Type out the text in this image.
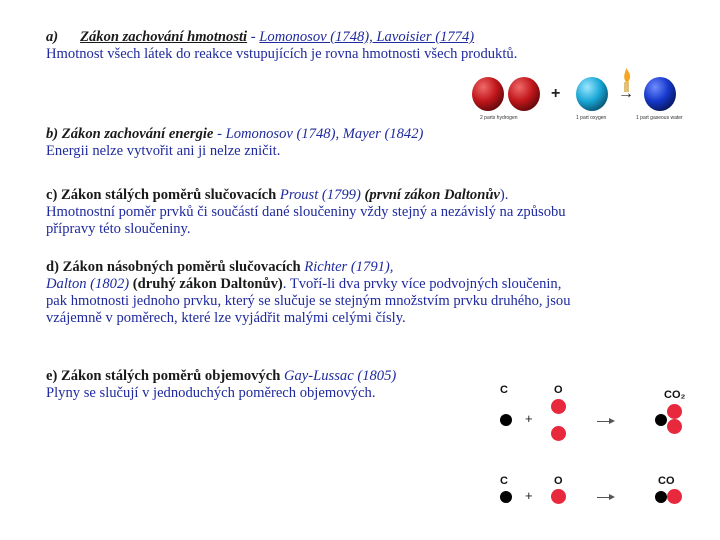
a) Zákon zachování hmotnosti - Lomonosov (1748), Lavoisier (1774)
Hmotnost všech látek do reakce vstupujících je rovna hmotnosti všech produktů.
b) Zákon zachování energie - Lomonosov (1748), Mayer (1842)
Energii nelze vytvořit ani ji nelze zničit.
c) Zákon stálých poměrů slučovacích Proust (1799) (první zákon Daltonův).
Hmotnostní poměr prvků či součástí dané sloučeniny vždy stejný a nezávislý na způsobu
přípravy této sloučeniny.
d) Zákon násobných poměrů slučovacích Richter (1791),
Dalton (1802) (druhý zákon Daltonův). Tvoří-li dva prvky více podvojných sloučenin,
pak hmotnosti jednoho prvku, který se slučuje se stejným množstvím prvku druhého, jsou
vzájemně v poměrech, které lze vyjádřit malými celými čísly.
e) Zákon stálých poměrů objemových Gay-Lussac (1805)
Plyny se slučují v jednoduchých poměrech objemových.
+	→
2 parts hydrogen	1 part oxygen	1 part gaseous water
C	O	CO₂
+
C	O	CO
+
